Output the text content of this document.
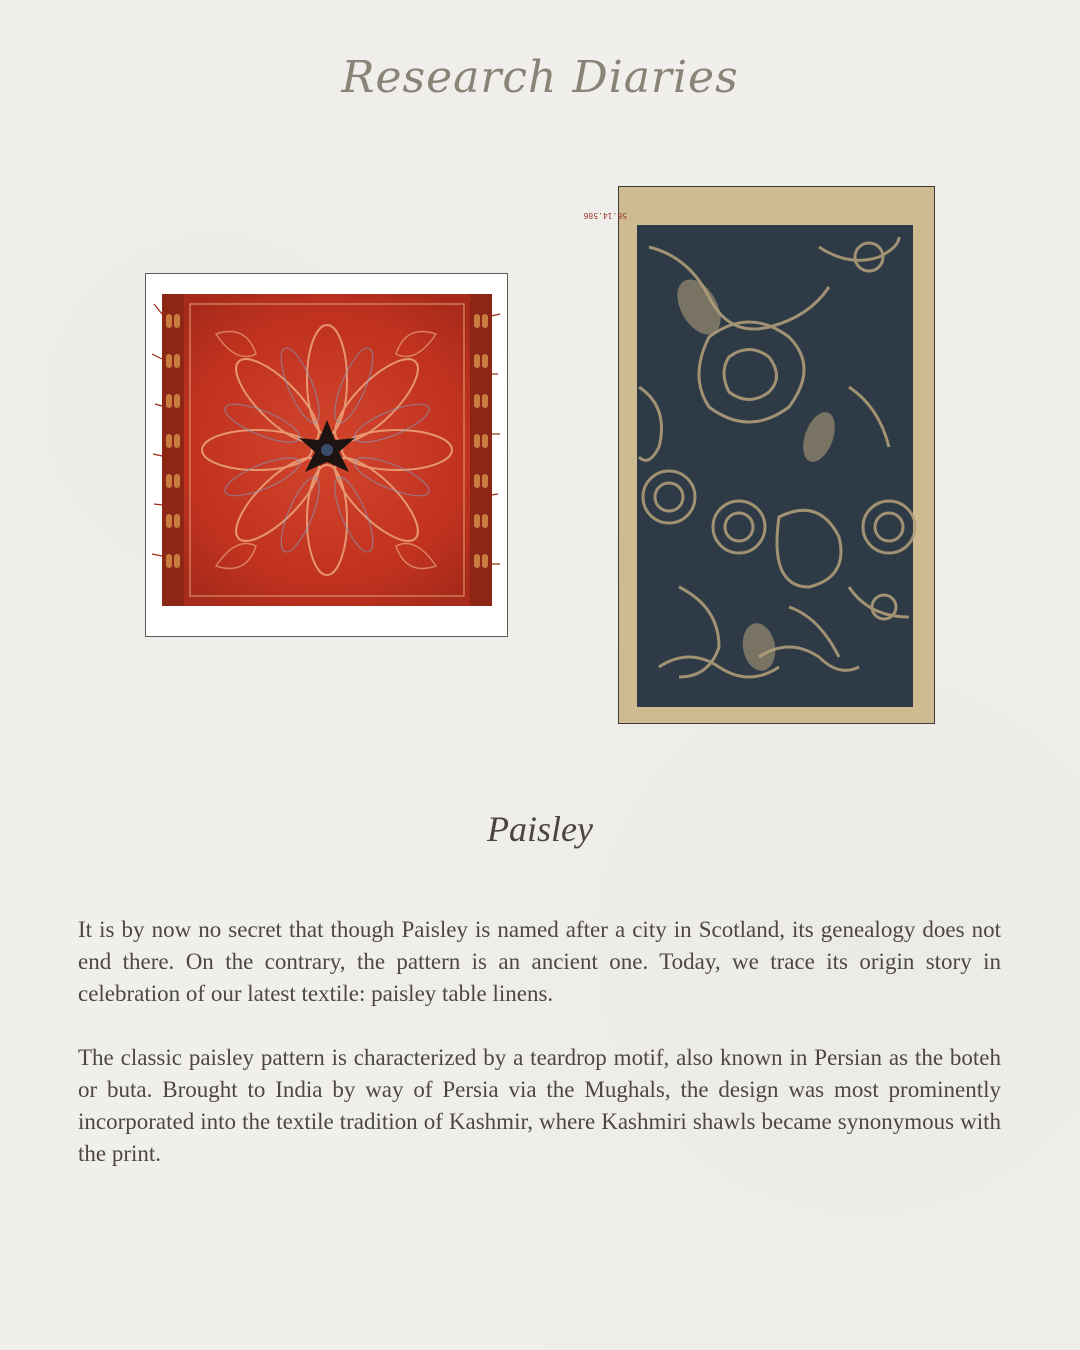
Research Diaries
56.14.586
Paisley

It is by now no secret that though Paisley is named after a city in Scotland, its genealogy does not end there. On the contrary, the pattern is an ancient one. Today, we trace its origin story in celebration of our latest textile: paisley table linens.

The classic paisley pattern is characterized by a teardrop motif, also known in Persian as the boteh or buta. Brought to India by way of Persia via the Mughals, the design was most prominently incorporated into the textile tradition of Kashmir, where Kashmiri shawls became synonymous with the print.
